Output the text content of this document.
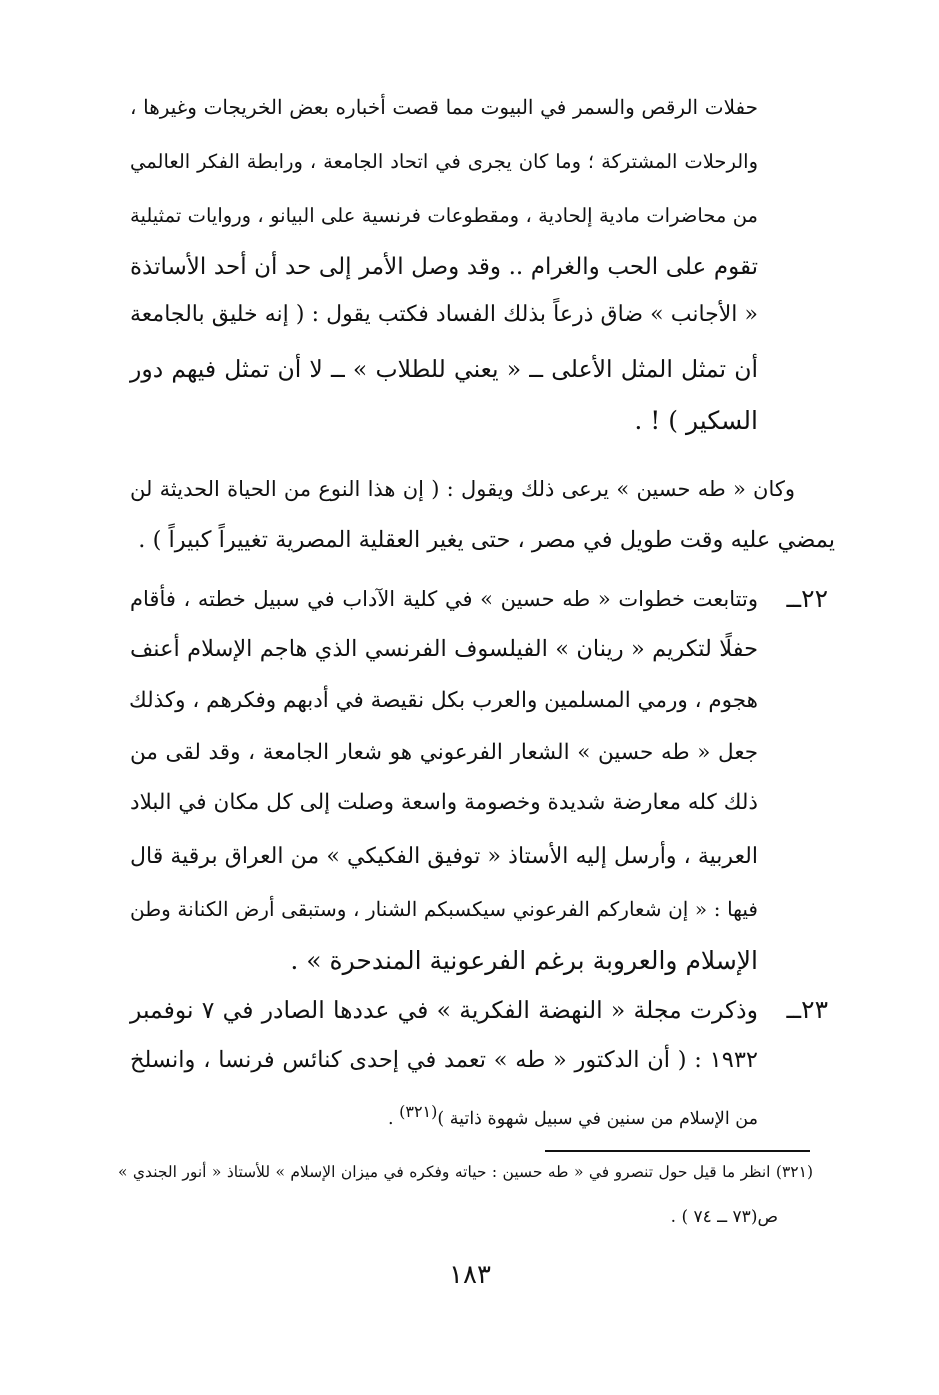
حفلات الرقص والسمر في البيوت مما قصت أخباره بعض الخريجات وغيرها ،
والرحلات المشتركة ؛ وما كان يجرى في اتحاد الجامعة ، ورابطة الفكر العالمي
من محاضرات مادية إلحادية ، ومقطوعات فرنسية على البيانو ، وروايات تمثيلية
تقوم على الحب والغرام .. وقد وصل الأمر إلى حد أن أحد الأساتذة
« الأجانب » ضاق ذرعاً بذلك الفساد فكتب يقول : ( إنه خليق بالجامعة
أن تمثل المثل الأعلى ــ « يعني للطلاب » ــ لا أن تمثل فيهم دور
السكير ) ! .
وكان « طه حسين » يرعى ذلك ويقول : ( إن هذا النوع من الحياة الحديثة لن
يمضي عليه وقت طويل في مصر ، حتى يغير العقلية المصرية تغييراً كبيراً ) .
٢٢ــ
وتتابعت خطوات « طه حسين » في كلية الآداب في سبيل خطته ، فأقام
حفلًا لتكريم « رينان » الفيلسوف الفرنسي الذي هاجم الإسلام أعنف
هجوم ، ورمي المسلمين والعرب بكل نقيصة في أدبهم وفكرهم ، وكذلك
جعل « طه حسين » الشعار الفرعوني هو شعار الجامعة ، وقد لقى من
ذلك كله معارضة شديدة وخصومة واسعة وصلت إلى كل مكان في البلاد
العربية ، وأرسل إليه الأستاذ « توفيق الفكيكي » من العراق برقية قال
فيها : « إن شعاركم الفرعوني سيكسبكم الشنار ، وستبقى أرض الكنانة وطن
الإسلام والعروبة برغم الفرعونية المندحرة » .
٢٣ــ
وذكرت مجلة « النهضة الفكرية » في عددها الصادر في ٧ نوفمبر
١٩٣٢ : ( أن الدكتور « طه » تعمد في إحدى كنائس فرنسا ، وانسلخ
من الإسلام من سنين في سبيل شهوة ذاتية )$^{(٣٢١)}$ .
(٣٢١) انظر ما قيل حول تنصرو في « طه حسين : حياته وفكره في ميزان الإسلام » للأستاذ « أنور الجندي »
ص(٧٣ ــ ٧٤ ) .
١٨٣
